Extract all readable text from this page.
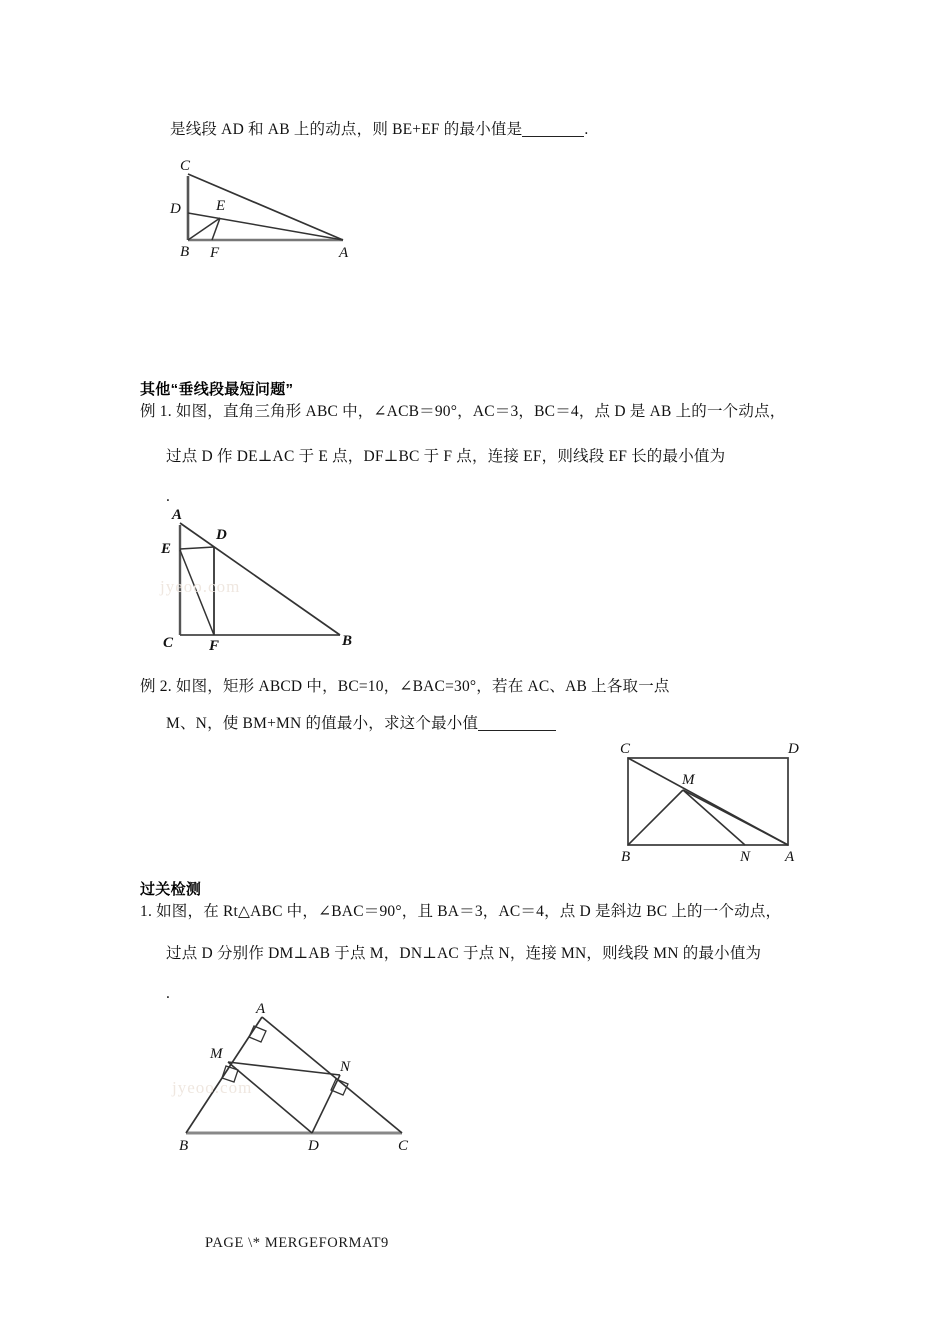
是线段 AD 和 AB 上的动点，则 BE+EF 的最小值是	.
C
D E
B F	A
其他“垂线段最短问题”
例 1. 如图，直角三角形 ABC 中，∠ACB＝90°，AC＝3，BC＝4，点 D 是 AB 上的一个动点，
过点 D 作 DE⊥AC 于 E 点，DF⊥BC 于 F 点，连接 EF，则线段 EF 长的最小值为
.
A
E
D
C F	B
jyeoo.com
例 2. 如图，矩形 ABCD 中，BC=10，∠BAC=30°，若在 AC、AB 上各取一点
M、N，使 BM+MN 的值最小，求这个最小值
C	D
M
B	N A
过关检测
1. 如图，在 Rt△ABC 中，∠BAC＝90°，且 BA＝3，AC＝4，点 D 是斜边 BC 上的一个动点，
过点 D 分别作 DM⊥AB 于点 M，DN⊥AC 于点 N，连接 MN，则线段 MN 的最小值为
.
A
M
N
B	D	C
jyeoo.com
PAGE \* MERGEFORMAT9
